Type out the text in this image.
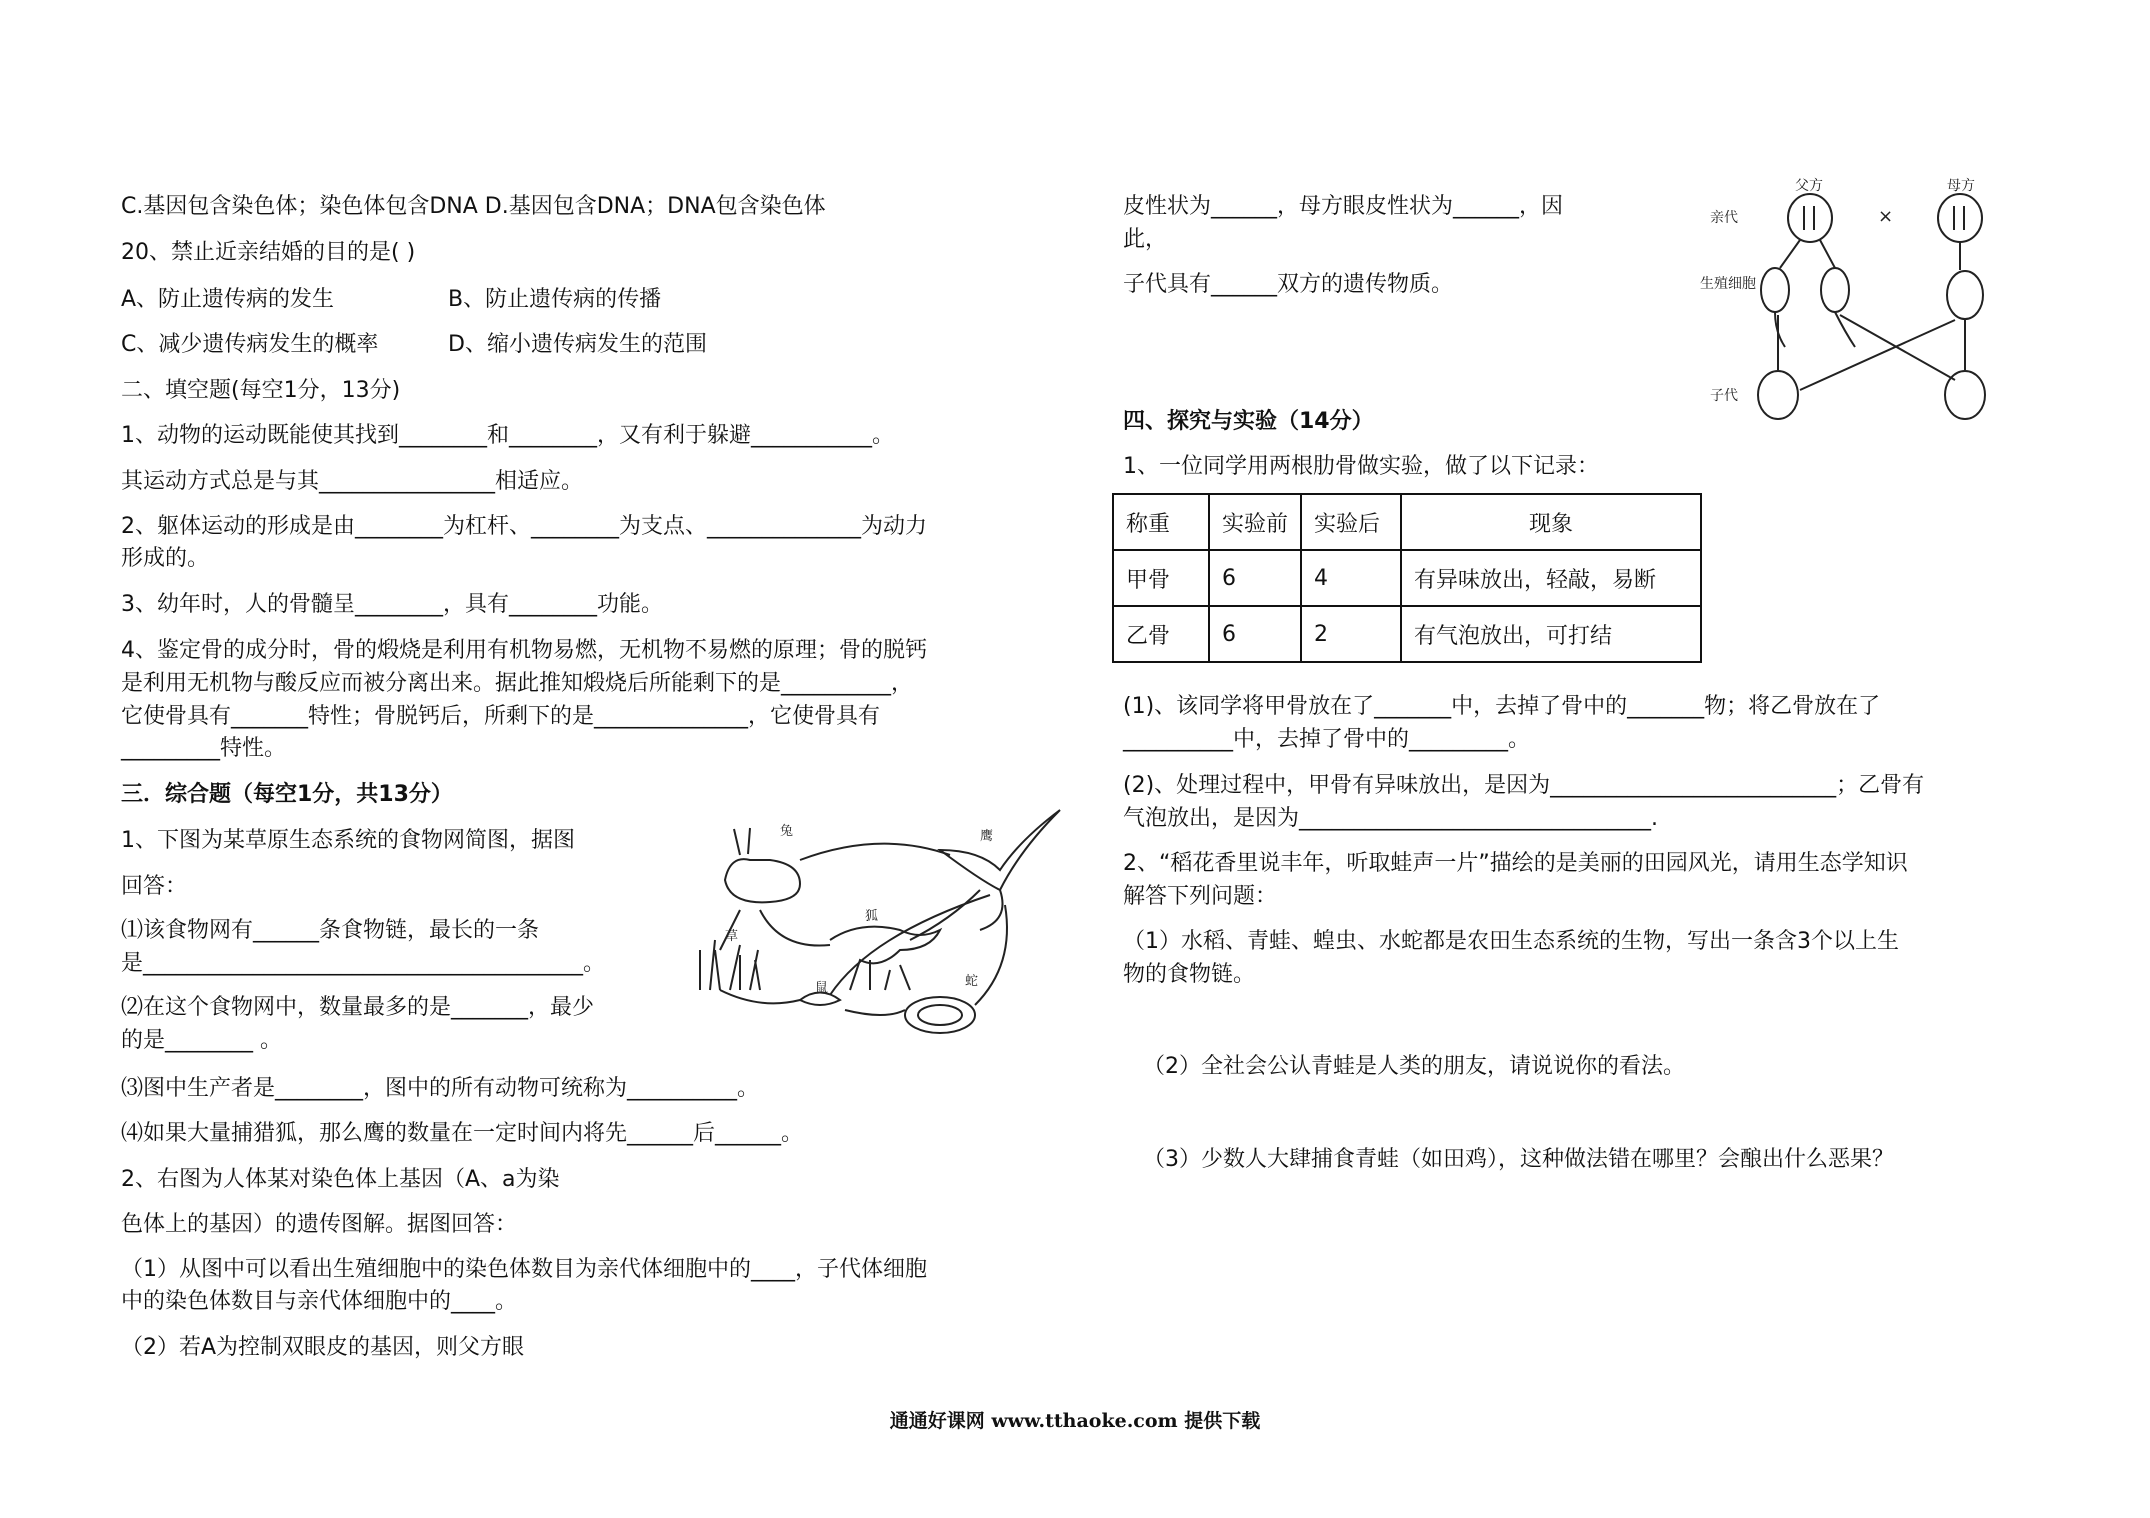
C.基因包含染色体；染色体包含DNA D.基因包含DNA；DNA包含染色体
20、禁止近亲结婚的目的是( )
A、防止遗传病的发生	B、防止遗传病的传播
C、减少遗传病发生的概率	D、缩小遗传病发生的范围
二、填空题(每空1分，13分)
1、动物的运动既能使其找到________和________，又有利于躲避___________。
其运动方式总是与其________________相适应。
2、躯体运动的形成是由________为杠杆、________为支点、______________为动力
形成的。
3、幼年时，人的骨髓呈________，具有________功能。
4、鉴定骨的成分时，骨的煅烧是利用有机物易燃，无机物不易燃的原理；骨的脱钙
是利用无机物与酸反应而被分离出来。据此推知煅烧后所能剩下的是__________，
它使骨具有_______特性；骨脱钙后，所剩下的是______________，它使骨具有
_________特性。
三．综合题（每空1分，共13分）
1、下图为某草原生态系统的食物网简图，据图
回答：
⑴该食物网有______条食物链，最长的一条
是________________________________________。
⑵在这个食物网中，数量最多的是_______，最少
的是________ 。
⑶图中生产者是________，图中的所有动物可统称为__________。
⑷如果大量捕猎狐，那么鹰的数量在一定时间内将先______后______。
2、右图为人体某对染色体上基因（A、a为染
色体上的基因）的遗传图解。据图回答：
（1）从图中可以看出生殖细胞中的染色体数目为亲代体细胞中的____，子代体细胞
中的染色体数目与亲代体细胞中的____。
（2）若A为控制双眼皮的基因，则父方眼
兔	鹰
狐
草
鼠	蛇
皮性状为______，母方眼皮性状为______，因
此，
子代具有______双方的遗传物质。
父方	母方
亲代
生殖细胞
子代
×
四、探究与实验（14分）
1、一位同学用两根肋骨做实验，做了以下记录：
称重	实验前	实验后	现象
甲骨	6	4	有异味放出，轻敲，易断
乙骨	6	2	有气泡放出，可打结
(1)、该同学将甲骨放在了_______中，去掉了骨中的_______物；将乙骨放在了
__________中，去掉了骨中的_________。
(2)、处理过程中，甲骨有异味放出，是因为__________________________；乙骨有
气泡放出，是因为________________________________.
2、“稻花香里说丰年，听取蛙声一片”描绘的是美丽的田园风光，请用生态学知识
解答下列问题：
（1）水稻、青蛙、蝗虫、水蛇都是农田生态系统的生物，写出一条含3个以上生
物的食物链。
（2）全社会公认青蛙是人类的朋友，请说说你的看法。
（3）少数人大肆捕食青蛙（如田鸡），这种做法错在哪里？会酿出什么恶果？
通通好课网 www.tthaoke.com 提供下载
